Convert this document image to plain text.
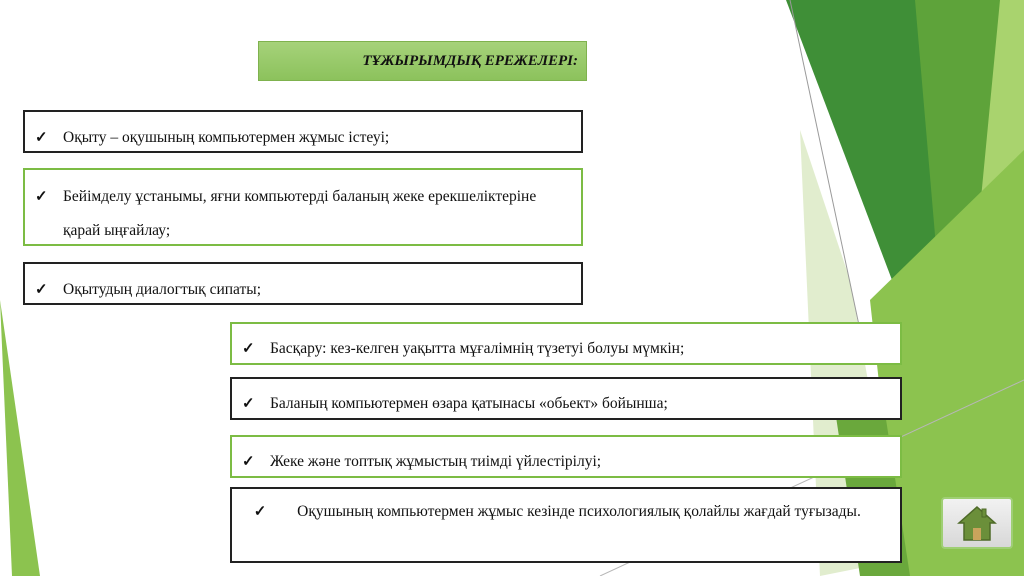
ТҰЖЫРЫМДЫҚ ЕРЕЖЕЛЕРІ:
✓ Оқыту – оқушының компьютермен жұмыс істеуі;
✓ Бейімделу ұстанымы, яғни компьютерді баланың жеке ерекшеліктеріне қарай ыңғайлау;
✓ Оқытудың диалогтық сипаты;
✓ Басқару: кез-келген уақытта мұғалімнің түзетуі болуы мүмкін;
✓ Баланың компьютермен өзара қатынасы «обьект» бойынша;
✓ Жеке және топтық жұмыстың тиімді үйлестірілуі;
✓	Оқушының компьютермен жұмыс кезінде психологиялық қолайлы жағдай туғызады.
